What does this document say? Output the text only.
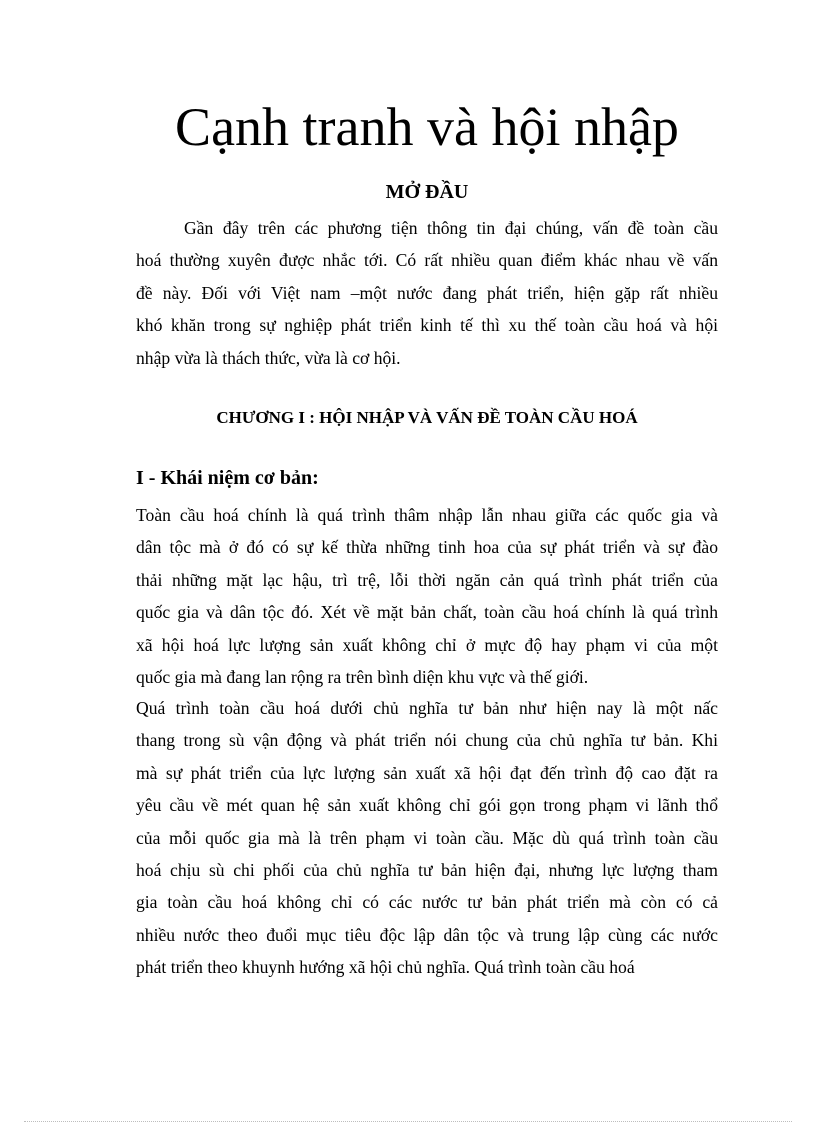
Cạnh tranh và hội nhập
MỞ ĐẦU

Gần đây trên các phương tiện thông tin đại chúng, vấn đề toàn cầu
hoá thường xuyên được nhắc tới. Có rất nhiều quan điểm khác nhau về vấn
đề này. Đối với Việt nam –một nước đang phát triển, hiện gặp rất nhiều
khó khăn trong sự nghiệp phát triển kinh tế thì xu thế toàn cầu hoá và hội
nhập vừa là thách thức, vừa là cơ hội.

CHƯƠNG I : HỘI NHẬP VÀ VẤN ĐỀ TOÀN CẦU HOÁ
I - Khái niệm cơ bản:

Toàn cầu hoá chính là quá trình thâm nhập lẫn nhau giữa các quốc gia và
dân tộc mà ở đó có sự kế thừa những tinh hoa của sự phát triển và sự đào
thải những mặt lạc hậu, trì trệ, lỗi thời ngăn cản quá trình phát triển của
quốc gia và dân tộc đó. Xét về mặt bản chất, toàn cầu hoá chính là quá trình
xã hội hoá lực lượng sản xuất không chỉ ở mực độ hay phạm vi của một
quốc gia mà đang lan rộng ra trên bình diện khu vực và thế giới.

Quá trình toàn cầu hoá dưới chủ nghĩa tư bản như hiện nay là một nấc
thang trong sù vận động và phát triển nói chung của chủ nghĩa tư bản. Khi
mà sự phát triển của lực lượng sản xuất xã hội đạt đến trình độ cao đặt ra
yêu cầu về mét quan hệ sản xuất không chỉ gói gọn trong phạm vi lãnh thổ
của mỗi quốc gia mà là trên phạm vi toàn cầu. Mặc dù quá trình toàn cầu
hoá chịu sù chi phối của chủ nghĩa tư bản hiện đại, nhưng lực lượng tham
gia toàn cầu hoá không chỉ có các nước tư bản phát triển mà còn có cả
nhiều nước theo đuổi mục tiêu độc lập dân tộc và trung lập cùng các nước
phát triển theo khuynh hướng xã hội chủ nghĩa. Quá trình toàn cầu hoá
